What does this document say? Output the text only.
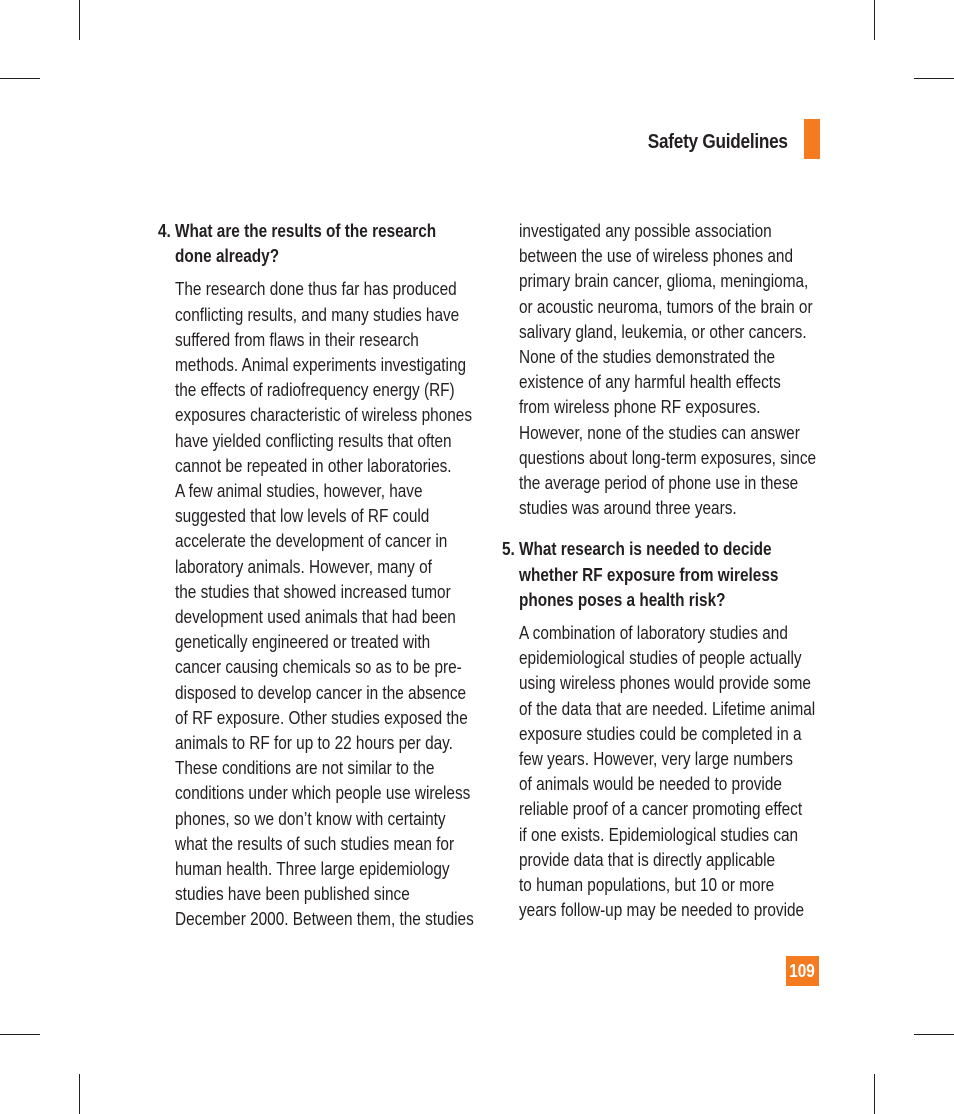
Safety Guidelines
4. What are the results of the research
done already?
The research done thus far has produced
conflicting results, and many studies have
suffered from flaws in their research
methods. Animal experiments investigating
the effects of radiofrequency energy (RF)
exposures characteristic of wireless phones
have yielded conflicting results that often
cannot be repeated in other laboratories.
A few animal studies, however, have
suggested that low levels of RF could
accelerate the development of cancer in
laboratory animals. However, many of
the studies that showed increased tumor
development used animals that had been
genetically engineered or treated with
cancer causing chemicals so as to be pre-
disposed to develop cancer in the absence
of RF exposure. Other studies exposed the
animals to RF for up to 22 hours per day.
These conditions are not similar to the
conditions under which people use wireless
phones, so we don’t know with certainty
what the results of such studies mean for
human health. Three large epidemiology
studies have been published since
December 2000. Between them, the studies
investigated any possible association
between the use of wireless phones and
primary brain cancer, glioma, meningioma,
or acoustic neuroma, tumors of the brain or
salivary gland, leukemia, or other cancers.
None of the studies demonstrated the
existence of any harmful health effects
from wireless phone RF exposures.
However, none of the studies can answer
questions about long-term exposures, since
the average period of phone use in these
studies was around three years.
5. What research is needed to decide
whether RF exposure from wireless
phones poses a health risk?
A combination of laboratory studies and
epidemiological studies of people actually
using wireless phones would provide some
of the data that are needed. Lifetime animal
exposure studies could be completed in a
few years. However, very large numbers
of animals would be needed to provide
reliable proof of a cancer promoting effect
if one exists. Epidemiological studies can
provide data that is directly applicable
to human populations, but 10 or more
years follow-up may be needed to provide
109
